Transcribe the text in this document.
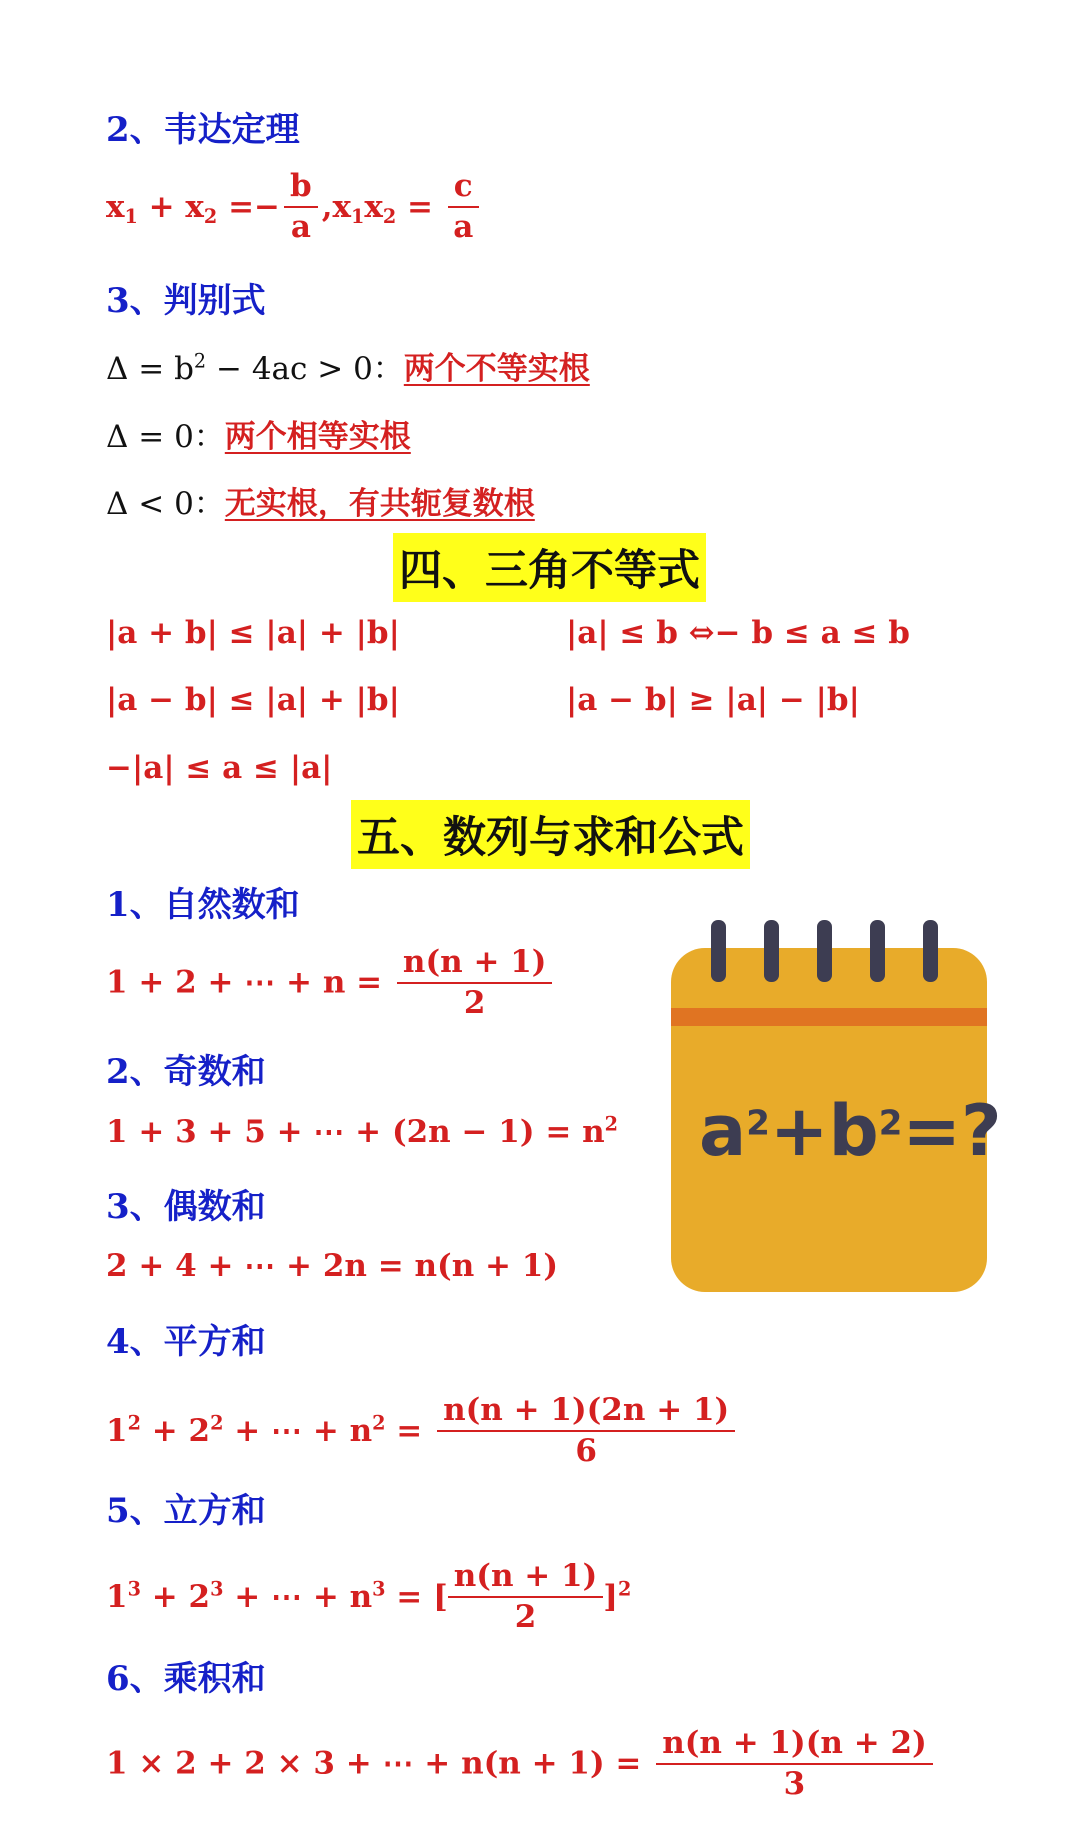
2、韦达定理
$x_1 + x_2 =- \frac{b}{a} ,x_1x_2 = \frac{c}{a}$
3、判别式
$\Delta = b^2 - 4ac > 0$：两个不等实根
Δ = 0：两个相等实根
Δ < 0：无实根，有共轭复数根
四、三角不等式
|a + b| ≤ |a| + |b|	|a| ≤ b ⇔− b ≤ a ≤ b
|a − b| ≤ |a| + |b|	|a − b| ≥ |a| − |b|
−|a| ≤ a ≤ |a|
五、数列与求和公式
1、自然数和
1 + 2 + ⋯ + $n = \frac{n(n + 1)}{2}$
2、奇数和
1 + 3 + 5 + ⋯ + $(2n - 1) = n^2$
3、偶数和
2 + 4 + ⋯ + 2n = n(n + 1)
4、平方和
$1^2 + 2^2$ + ⋯ + $n^2 = \frac{n(n + 1)(2n + 1)}{6}$
5、立方和
$1^3 + 2^3$ + ⋯ + $n^3$ = [ $\frac{n(n + 1)}{2} ]^2$
6、乘积和
1 × 2 + 2 × 3 + ⋯ + $n(n + 1) = \frac{n(n + 1)(n + 2)}{3}$
$a^2+b^2=$?
